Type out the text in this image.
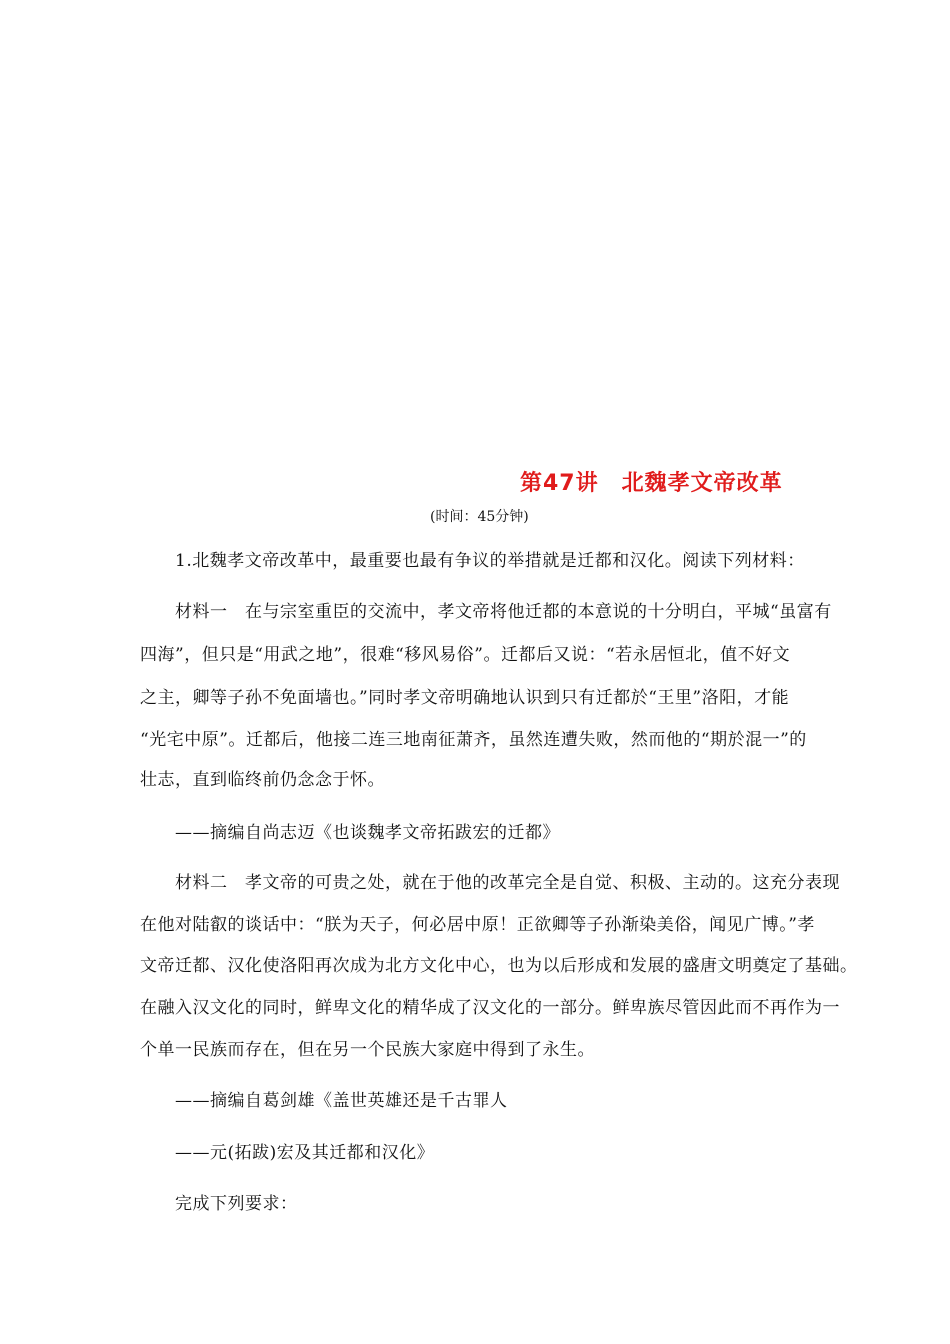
第47讲　北魏孝文帝改革
(时间：45分钟)
1.北魏孝文帝改革中，最重要也最有争议的举措就是迁都和汉化。阅读下列材料：
材料一　在与宗室重臣的交流中，孝文帝将他迁都的本意说的十分明白，平城“虽富有
四海”，但只是“用武之地”，很难“移风易俗”。迁都后又说：“若永居恒北，值不好文
之主，卿等子孙不免面墙也。”同时孝文帝明确地认识到只有迁都於“王里”洛阳，才能
“光宅中原”。迁都后，他接二连三地南征萧齐，虽然连遭失败，然而他的“期於混一”的
壮志，直到临终前仍念念于怀。
——摘编自尚志迈《也谈魏孝文帝拓跋宏的迁都》
材料二　孝文帝的可贵之处，就在于他的改革完全是自觉、积极、主动的。这充分表现
在他对陆叡的谈话中：“朕为天子，何必居中原！正欲卿等子孙渐染美俗，闻见广博。”孝
文帝迁都、汉化使洛阳再次成为北方文化中心，也为以后形成和发展的盛唐文明奠定了基础。
在融入汉文化的同时，鲜卑文化的精华成了汉文化的一部分。鲜卑族尽管因此而不再作为一
个单一民族而存在，但在另一个民族大家庭中得到了永生。
——摘编自葛剑雄《盖世英雄还是千古罪人
——元(拓跋)宏及其迁都和汉化》
完成下列要求：
